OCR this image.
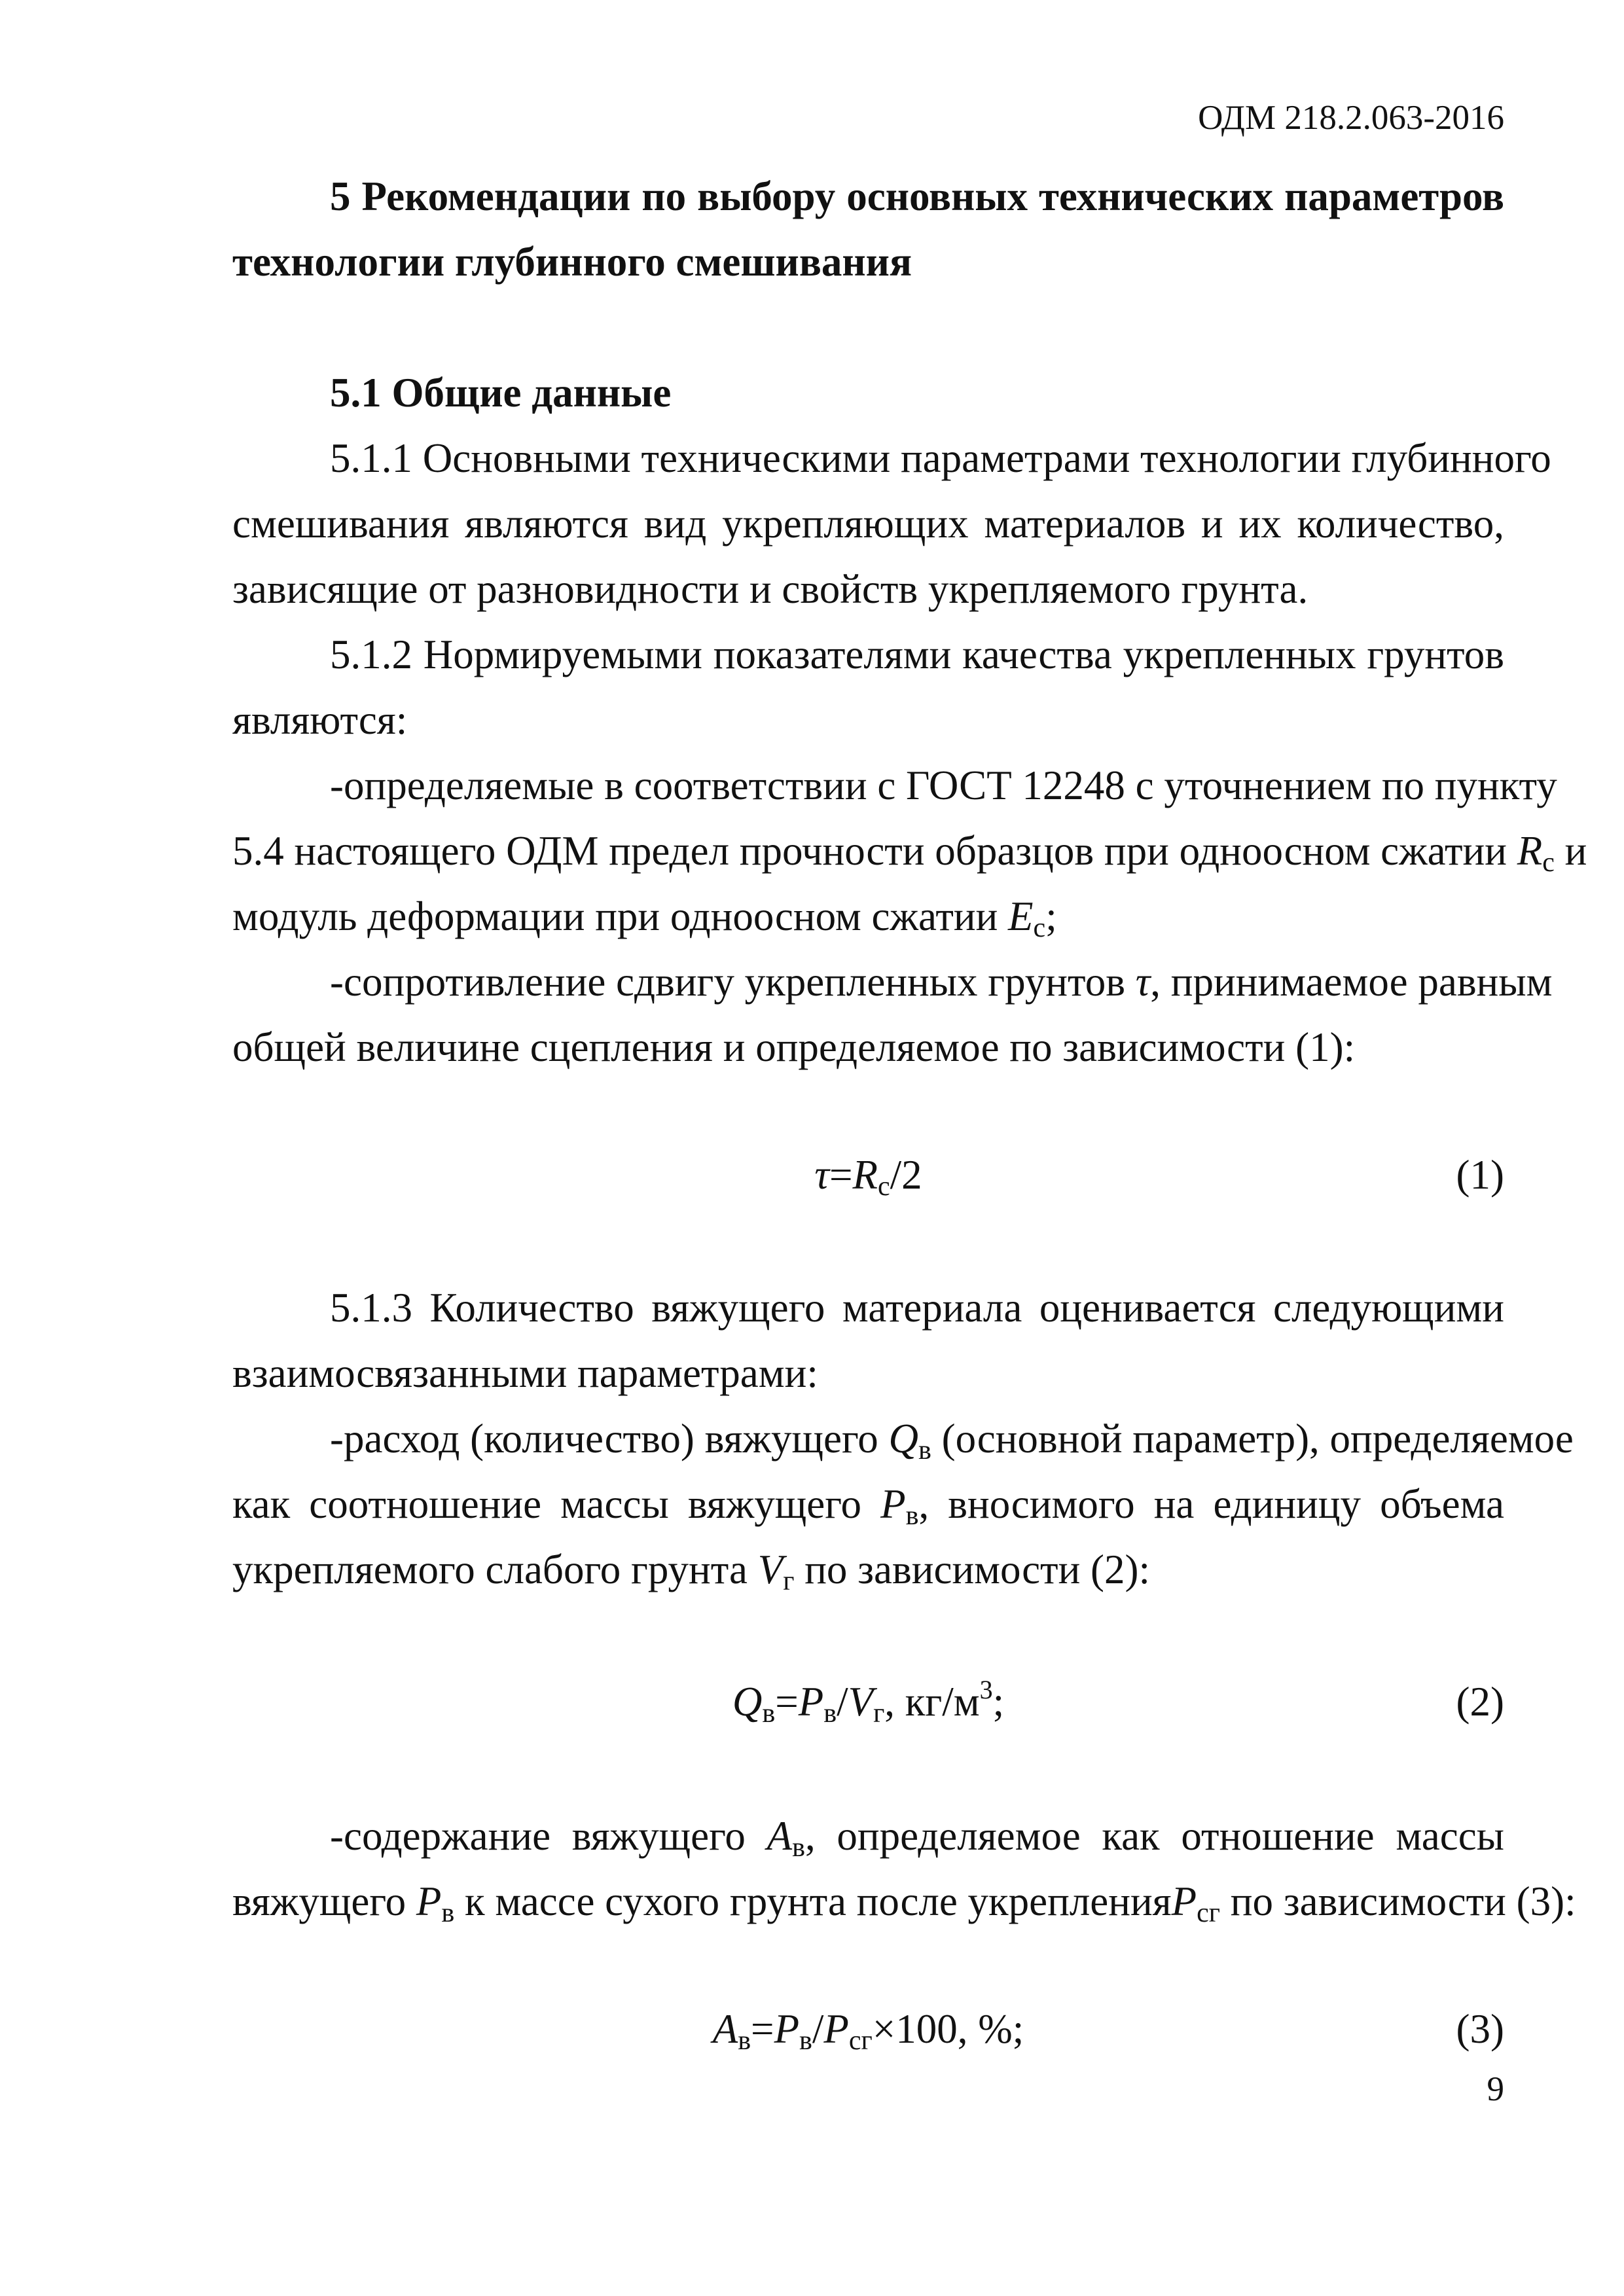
ОДМ 218.2.063-2016
5 Рекомендации по выбору основных технических параметров
технологии глубинного смешивания
5.1 Общие данные
5.1.1 Основными техническими параметрами технологии глубинного
смешивания являются вид укрепляющих материалов и их количество,
зависящие от разновидности и свойств укрепляемого грунта.
5.1.2 Нормируемыми показателями качества укрепленных грунтов
являются:
-определяемые в соответствии с ГОСТ 12248 с уточнением по пункту
5.4 настоящего ОДМ предел прочности образцов при одноосном сжатии $R_с$ и
модуль деформации при одноосном сжатии $E_с$;
-сопротивление сдвигу укрепленных грунтов τ, принимаемое равным
общей величине сцепления и определяемое по зависимости (1):
$\tau=R_с/2$	(1)
5.1.3 Количество вяжущего материала оценивается следующими
взаимосвязанными параметрами:
-расход (количество) вяжущего $Q_в$ (основной параметр), определяемое
как соотношение массы вяжущего $P_в$, вносимого на единицу объема
укрепляемого слабого грунта $V_г$ по зависимости (2):
$Q_в=P_в/V_г$, $кг/м^3$;	(2)
-содержание вяжущего $A_в$, определяемое как отношение массы
вяжущего $P_в$ к массе сухого грунта после укрепленияP$_{сг}$ по зависимости (3):
$A_в=P_в/P_{сг}\times 100$, %;	(3)
9
